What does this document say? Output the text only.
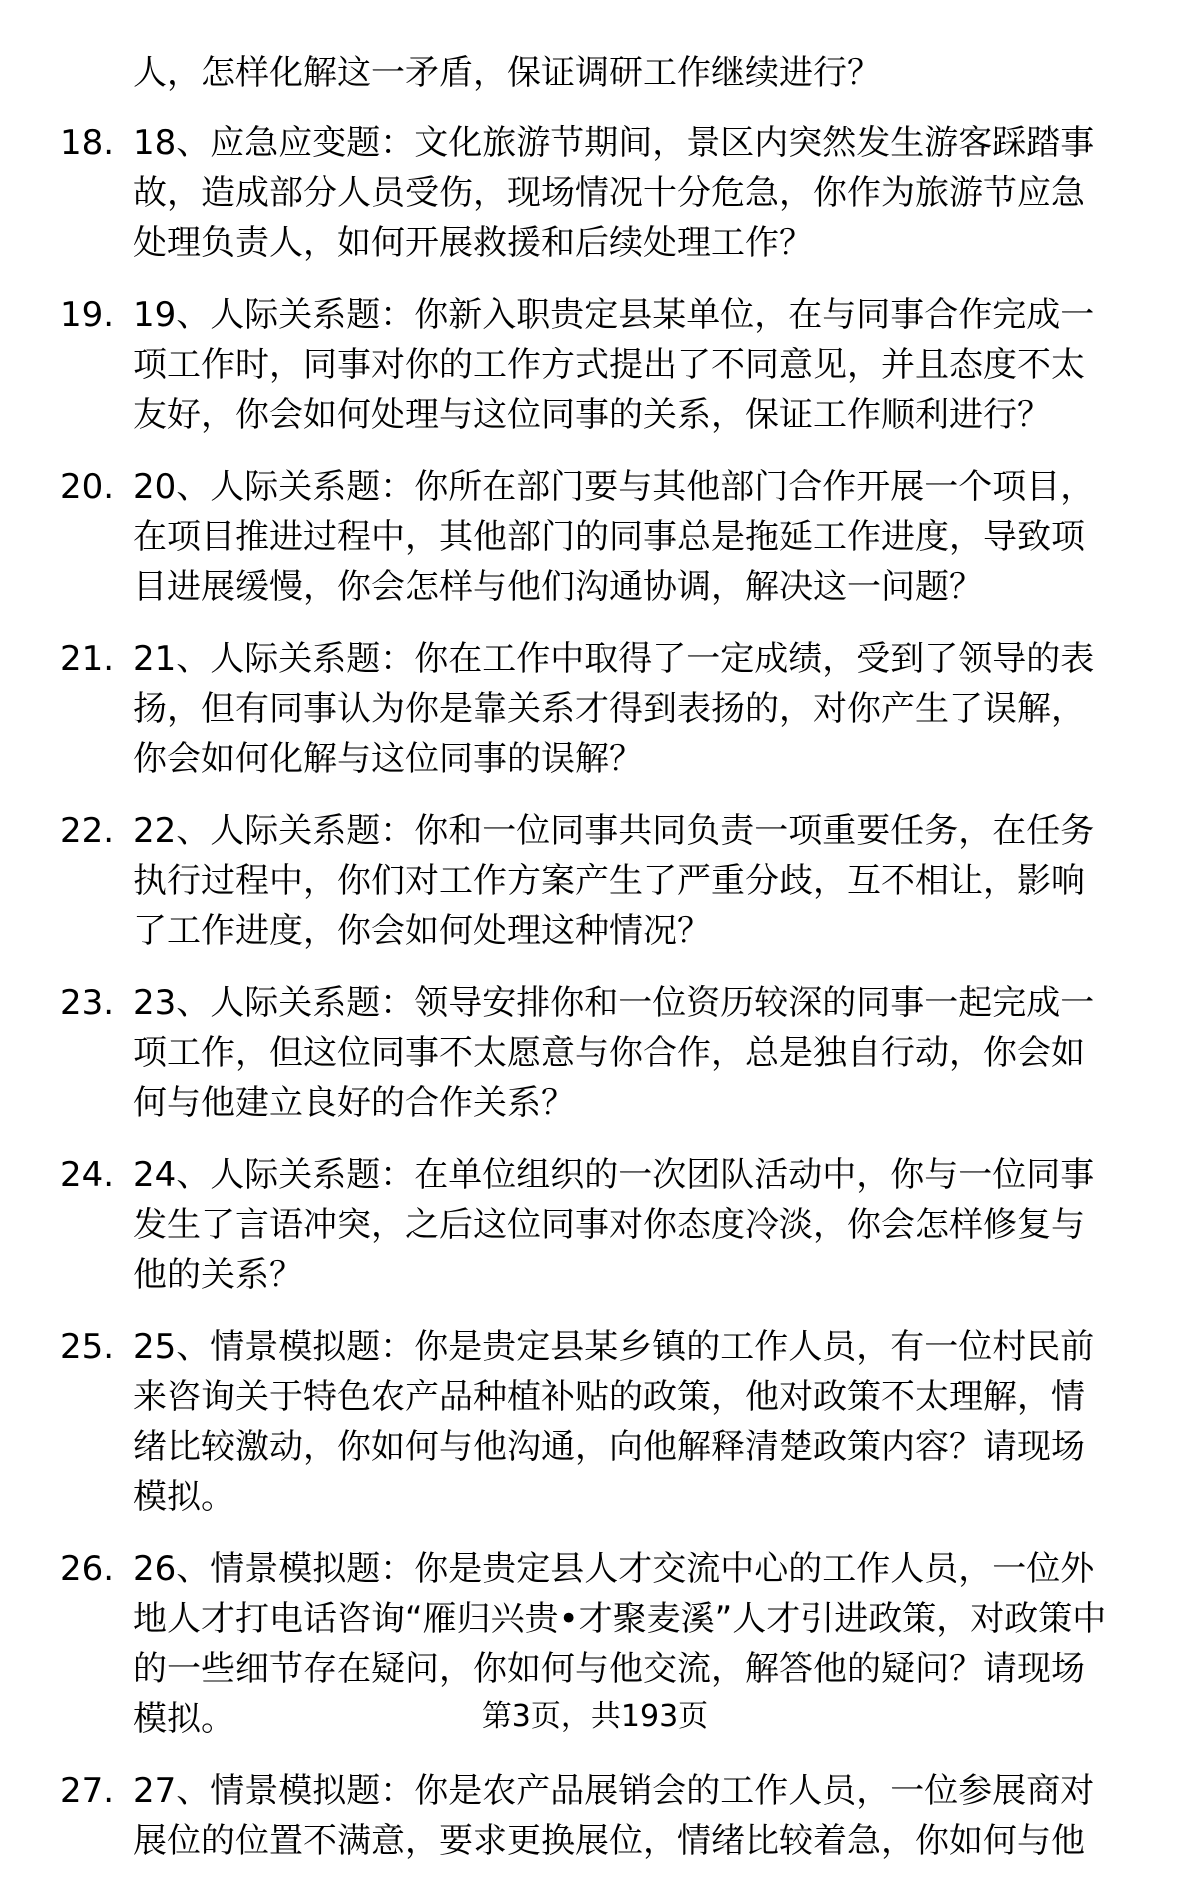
人，怎样化解这一矛盾，保证调研工作继续进行？
18. 18、应急应变题：文化旅游节期间，景区内突然发生游客踩踏事
故，造成部分人员受伤，现场情况十分危急，你作为旅游节应急
处理负责人，如何开展救援和后续处理工作？
19. 19、人际关系题：你新入职贵定县某单位，在与同事合作完成一
项工作时，同事对你的工作方式提出了不同意见，并且态度不太
友好，你会如何处理与这位同事的关系，保证工作顺利进行？
20. 20、人际关系题：你所在部门要与其他部门合作开展一个项目，
在项目推进过程中，其他部门的同事总是拖延工作进度，导致项
目进展缓慢，你会怎样与他们沟通协调，解决这一问题？
21. 21、人际关系题：你在工作中取得了一定成绩，受到了领导的表
扬，但有同事认为你是靠关系才得到表扬的，对你产生了误解，
你会如何化解与这位同事的误解？
22. 22、人际关系题：你和一位同事共同负责一项重要任务，在任务
执行过程中，你们对工作方案产生了严重分歧，互不相让，影响
了工作进度，你会如何处理这种情况？
23. 23、人际关系题：领导安排你和一位资历较深的同事一起完成一
项工作，但这位同事不太愿意与你合作，总是独自行动，你会如
何与他建立良好的合作关系？
24. 24、人际关系题：在单位组织的一次团队活动中，你与一位同事
发生了言语冲突，之后这位同事对你态度冷淡，你会怎样修复与
他的关系？
25. 25、情景模拟题：你是贵定县某乡镇的工作人员，有一位村民前
来咨询关于特色农产品种植补贴的政策，他对政策不太理解，情
绪比较激动，你如何与他沟通，向他解释清楚政策内容？请现场
模拟。
26. 26、情景模拟题：你是贵定县人才交流中心的工作人员，一位外
地人才打电话咨询“雁归兴贵•才聚麦溪”人才引进政策，对政策中
的一些细节存在疑问，你如何与他交流，解答他的疑问？请现场
模拟。
27. 27、情景模拟题：你是农产品展销会的工作人员，一位参展商对
展位的位置不满意，要求更换展位，情绪比较着急，你如何与他
第3页，共193页
